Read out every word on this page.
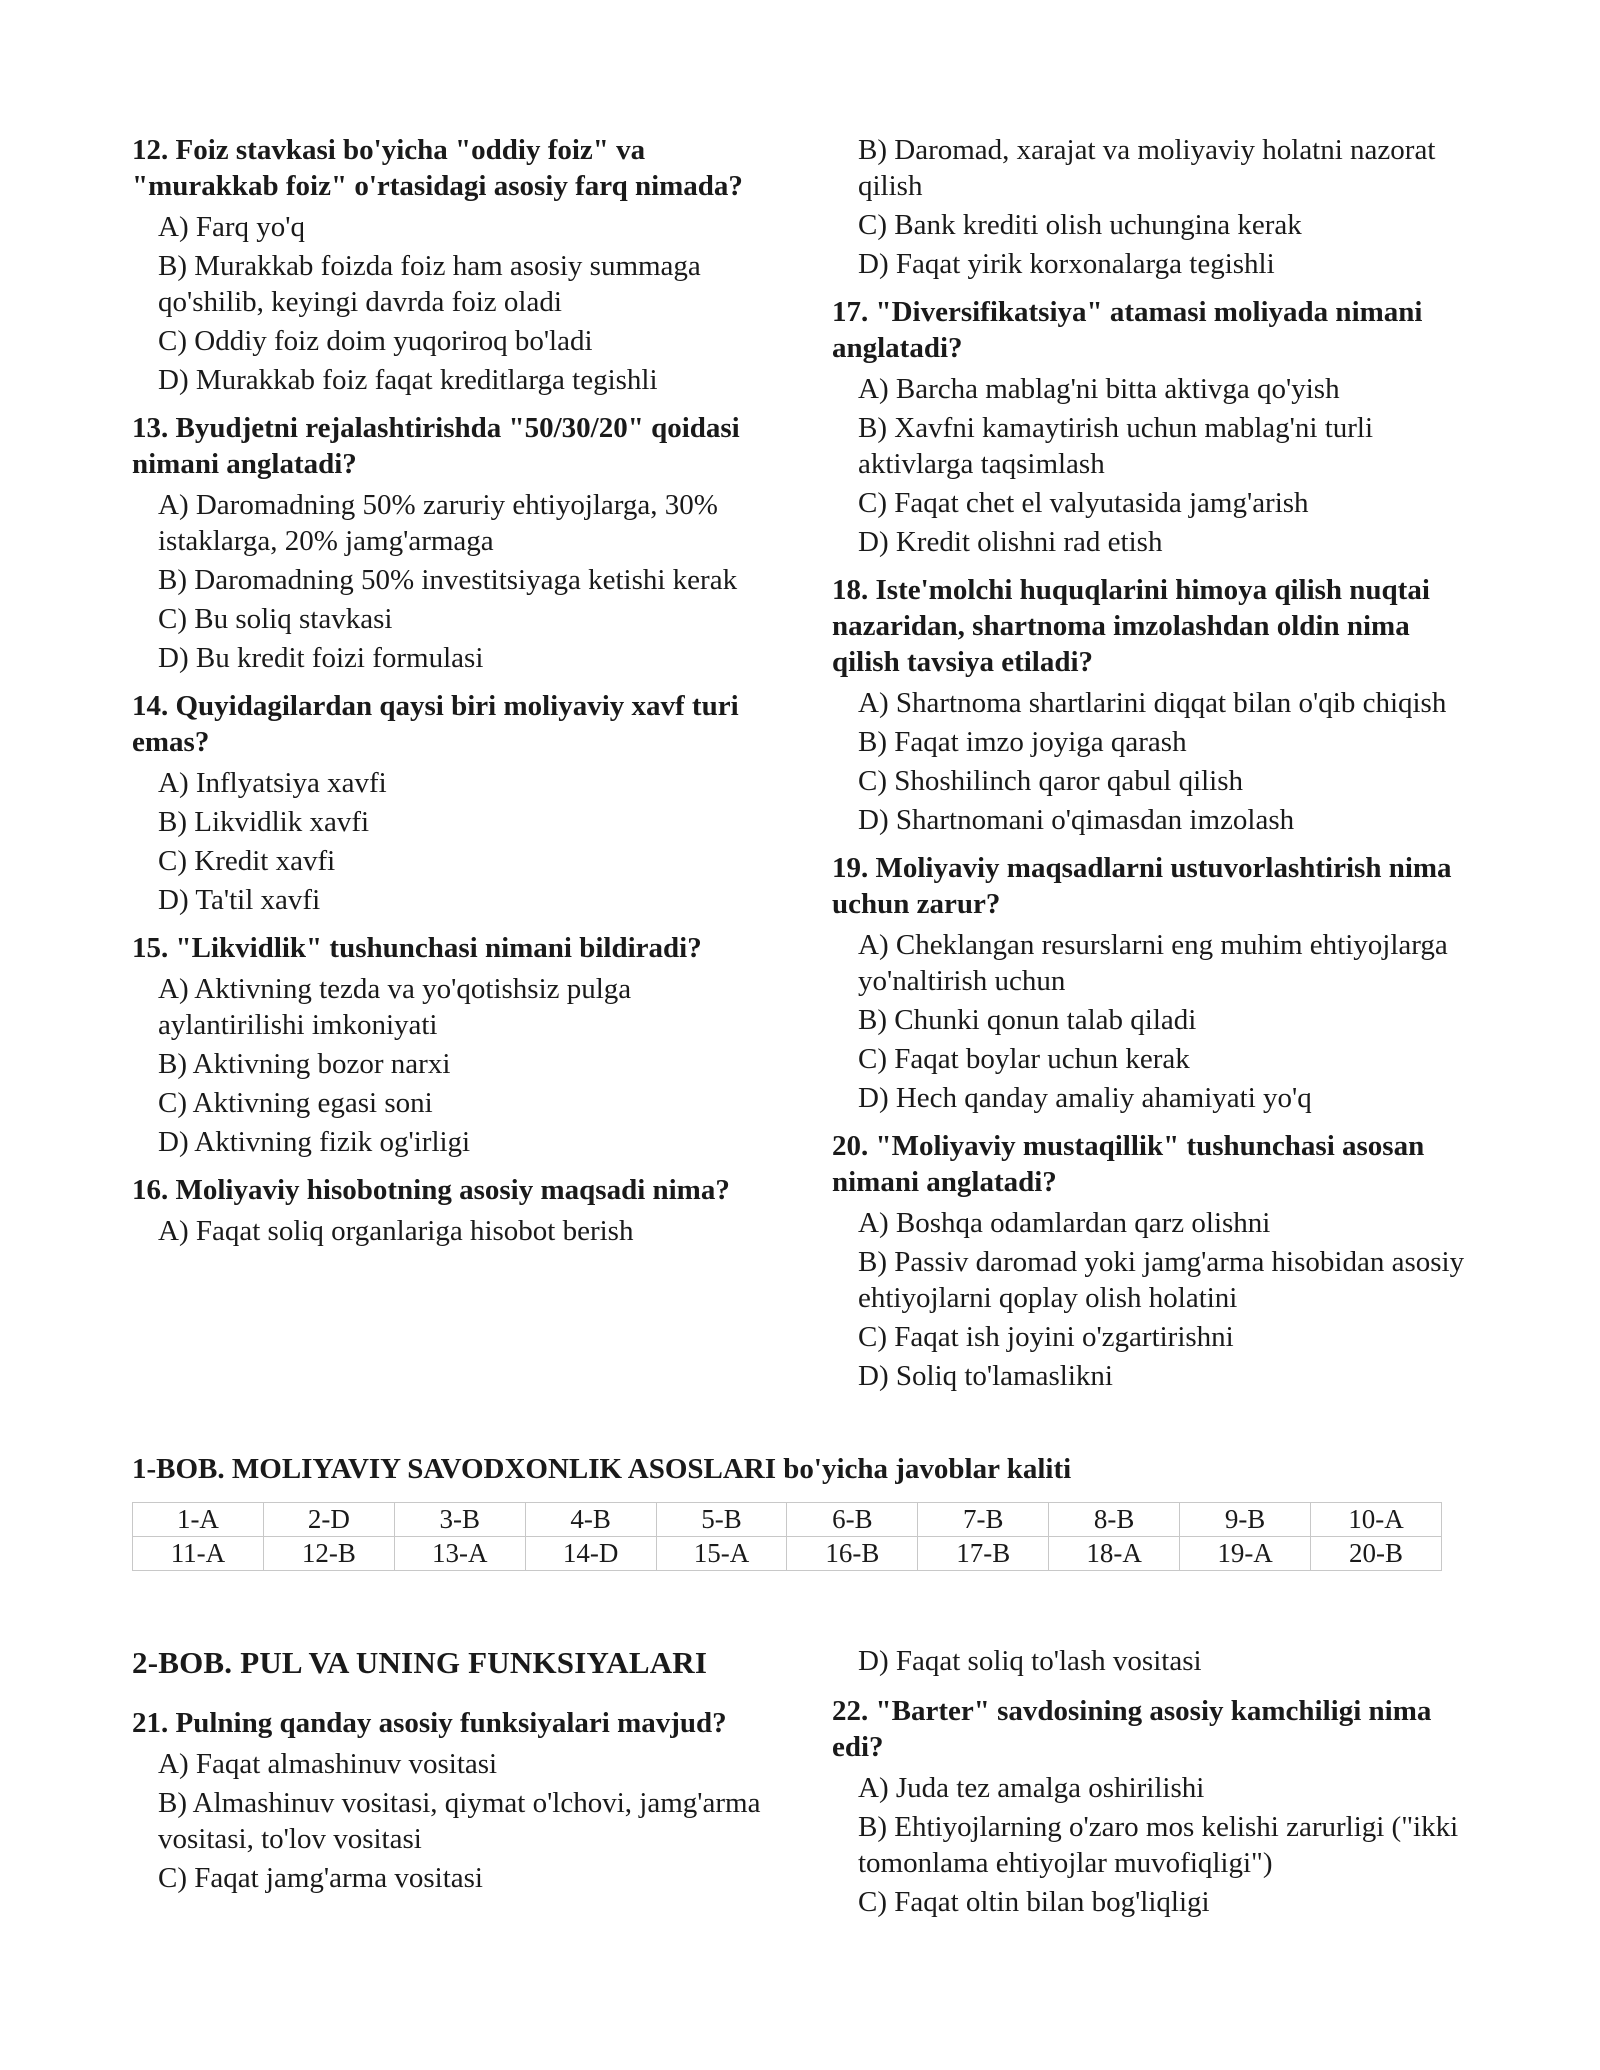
12. Foiz stavkasi bo'yicha "oddiy foiz" va "murakkab foiz" o'rtasidagi asosiy farq nimada?

A) Farq yo'q

B) Murakkab foizda foiz ham asosiy summaga qo'shilib, keyingi davrda foiz oladi

C) Oddiy foiz doim yuqoriroq bo'ladi

D) Murakkab foiz faqat kreditlarga tegishli

13. Byudjetni rejalashtirishda "50/30/20" qoidasi nimani anglatadi?

A) Daromadning 50% zaruriy ehtiyojlarga, 30% istaklarga, 20% jamg'armaga

B) Daromadning 50% investitsiyaga ketishi kerak

C) Bu soliq stavkasi

D) Bu kredit foizi formulasi

14. Quyidagilardan qaysi biri moliyaviy xavf turi emas?

A) Inflyatsiya xavfi

B) Likvidlik xavfi

C) Kredit xavfi

D) Ta'til xavfi

15. "Likvidlik" tushunchasi nimani bildiradi?

A) Aktivning tezda va yo'qotishsiz pulga aylantirilishi imkoniyati

B) Aktivning bozor narxi

C) Aktivning egasi soni

D) Aktivning fizik og'irligi

16. Moliyaviy hisobotning asosiy maqsadi nima?

A) Faqat soliq organlariga hisobot berish

B) Daromad, xarajat va moliyaviy holatni nazorat qilish

C) Bank krediti olish uchungina kerak

D) Faqat yirik korxonalarga tegishli

17. "Diversifikatsiya" atamasi moliyada nimani anglatadi?

A) Barcha mablag'ni bitta aktivga qo'yish

B) Xavfni kamaytirish uchun mablag'ni turli aktivlarga taqsimlash

C) Faqat chet el valyutasida jamg'arish

D) Kredit olishni rad etish

18. Iste'molchi huquqlarini himoya qilish nuqtai nazaridan, shartnoma imzolashdan oldin nima qilish tavsiya etiladi?

A) Shartnoma shartlarini diqqat bilan o'qib chiqish

B) Faqat imzo joyiga qarash

C) Shoshilinch qaror qabul qilish

D) Shartnomani o'qimasdan imzolash

19. Moliyaviy maqsadlarni ustuvorlashtirish nima uchun zarur?

A) Cheklangan resurslarni eng muhim ehtiyojlarga yo'naltirish uchun

B) Chunki qonun talab qiladi

C) Faqat boylar uchun kerak

D) Hech qanday amaliy ahamiyati yo'q

20. "Moliyaviy mustaqillik" tushunchasi asosan nimani anglatadi?

A) Boshqa odamlardan qarz olishni

B) Passiv daromad yoki jamg'arma hisobidan asosiy ehtiyojlarni qoplay olish holatini

C) Faqat ish joyini o'zgartirishni

D) Soliq to'lamaslikni

1-BOB. MOLIYAVIY SAVODXONLIK ASOSLARI bo'yicha javoblar kaliti
1-A	2-D	3-B	4-B	5-B	6-B	7-B	8-B	9-B	10-A
11-A	12-B	13-A	14-D	15-A	16-B	17-B	18-A	19-A	20-B

2-BOB. PUL VA UNING FUNKSIYALARI

21. Pulning qanday asosiy funksiyalari mavjud?

A) Faqat almashinuv vositasi

B) Almashinuv vositasi, qiymat o'lchovi, jamg'arma vositasi, to'lov vositasi

C) Faqat jamg'arma vositasi

D) Faqat soliq to'lash vositasi

22. "Barter" savdosining asosiy kamchiligi nima edi?

A) Juda tez amalga oshirilishi

B) Ehtiyojlarning o'zaro mos kelishi zarurligi ("ikki tomonlama ehtiyojlar muvofiqligi")

C) Faqat oltin bilan bog'liqligi
